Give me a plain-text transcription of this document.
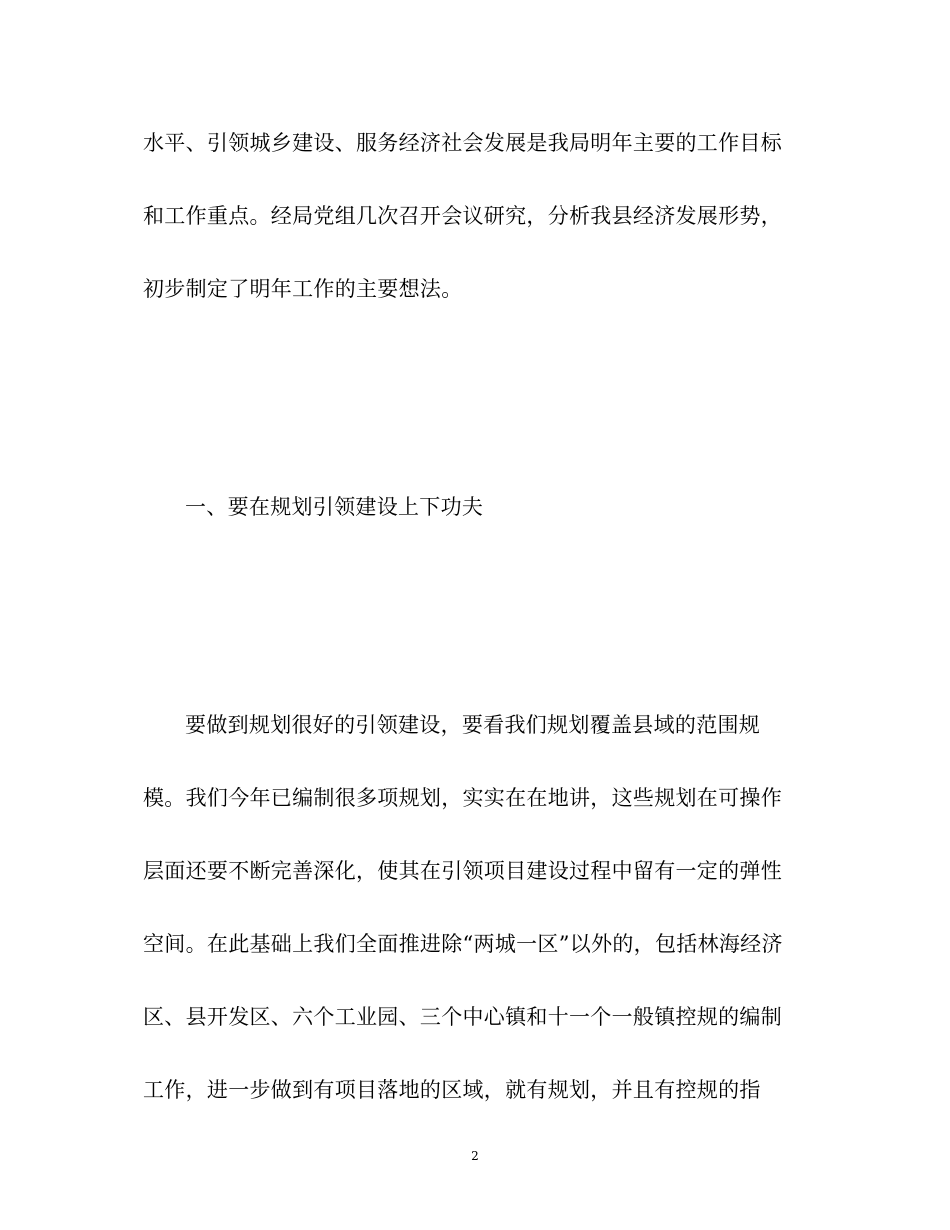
水平、引领城乡建设、服务经济社会发展是我局明年主要的工作目标
和工作重点。经局党组几次召开会议研究，分析我县经济发展形势，
初步制定了明年工作的主要想法。
一、要在规划引领建设上下功夫
要做到规划很好的引领建设，要看我们规划覆盖县域的范围规
模。我们今年已编制很多项规划，实实在在地讲，这些规划在可操作
层面还要不断完善深化，使其在引领项目建设过程中留有一定的弹性
空间。在此基础上我们全面推进除“两城一区”以外的，包括林海经济
区、县开发区、六个工业园、三个中心镇和十一个一般镇控规的编制
工作，进一步做到有项目落地的区域，就有规划，并且有控规的指
2
